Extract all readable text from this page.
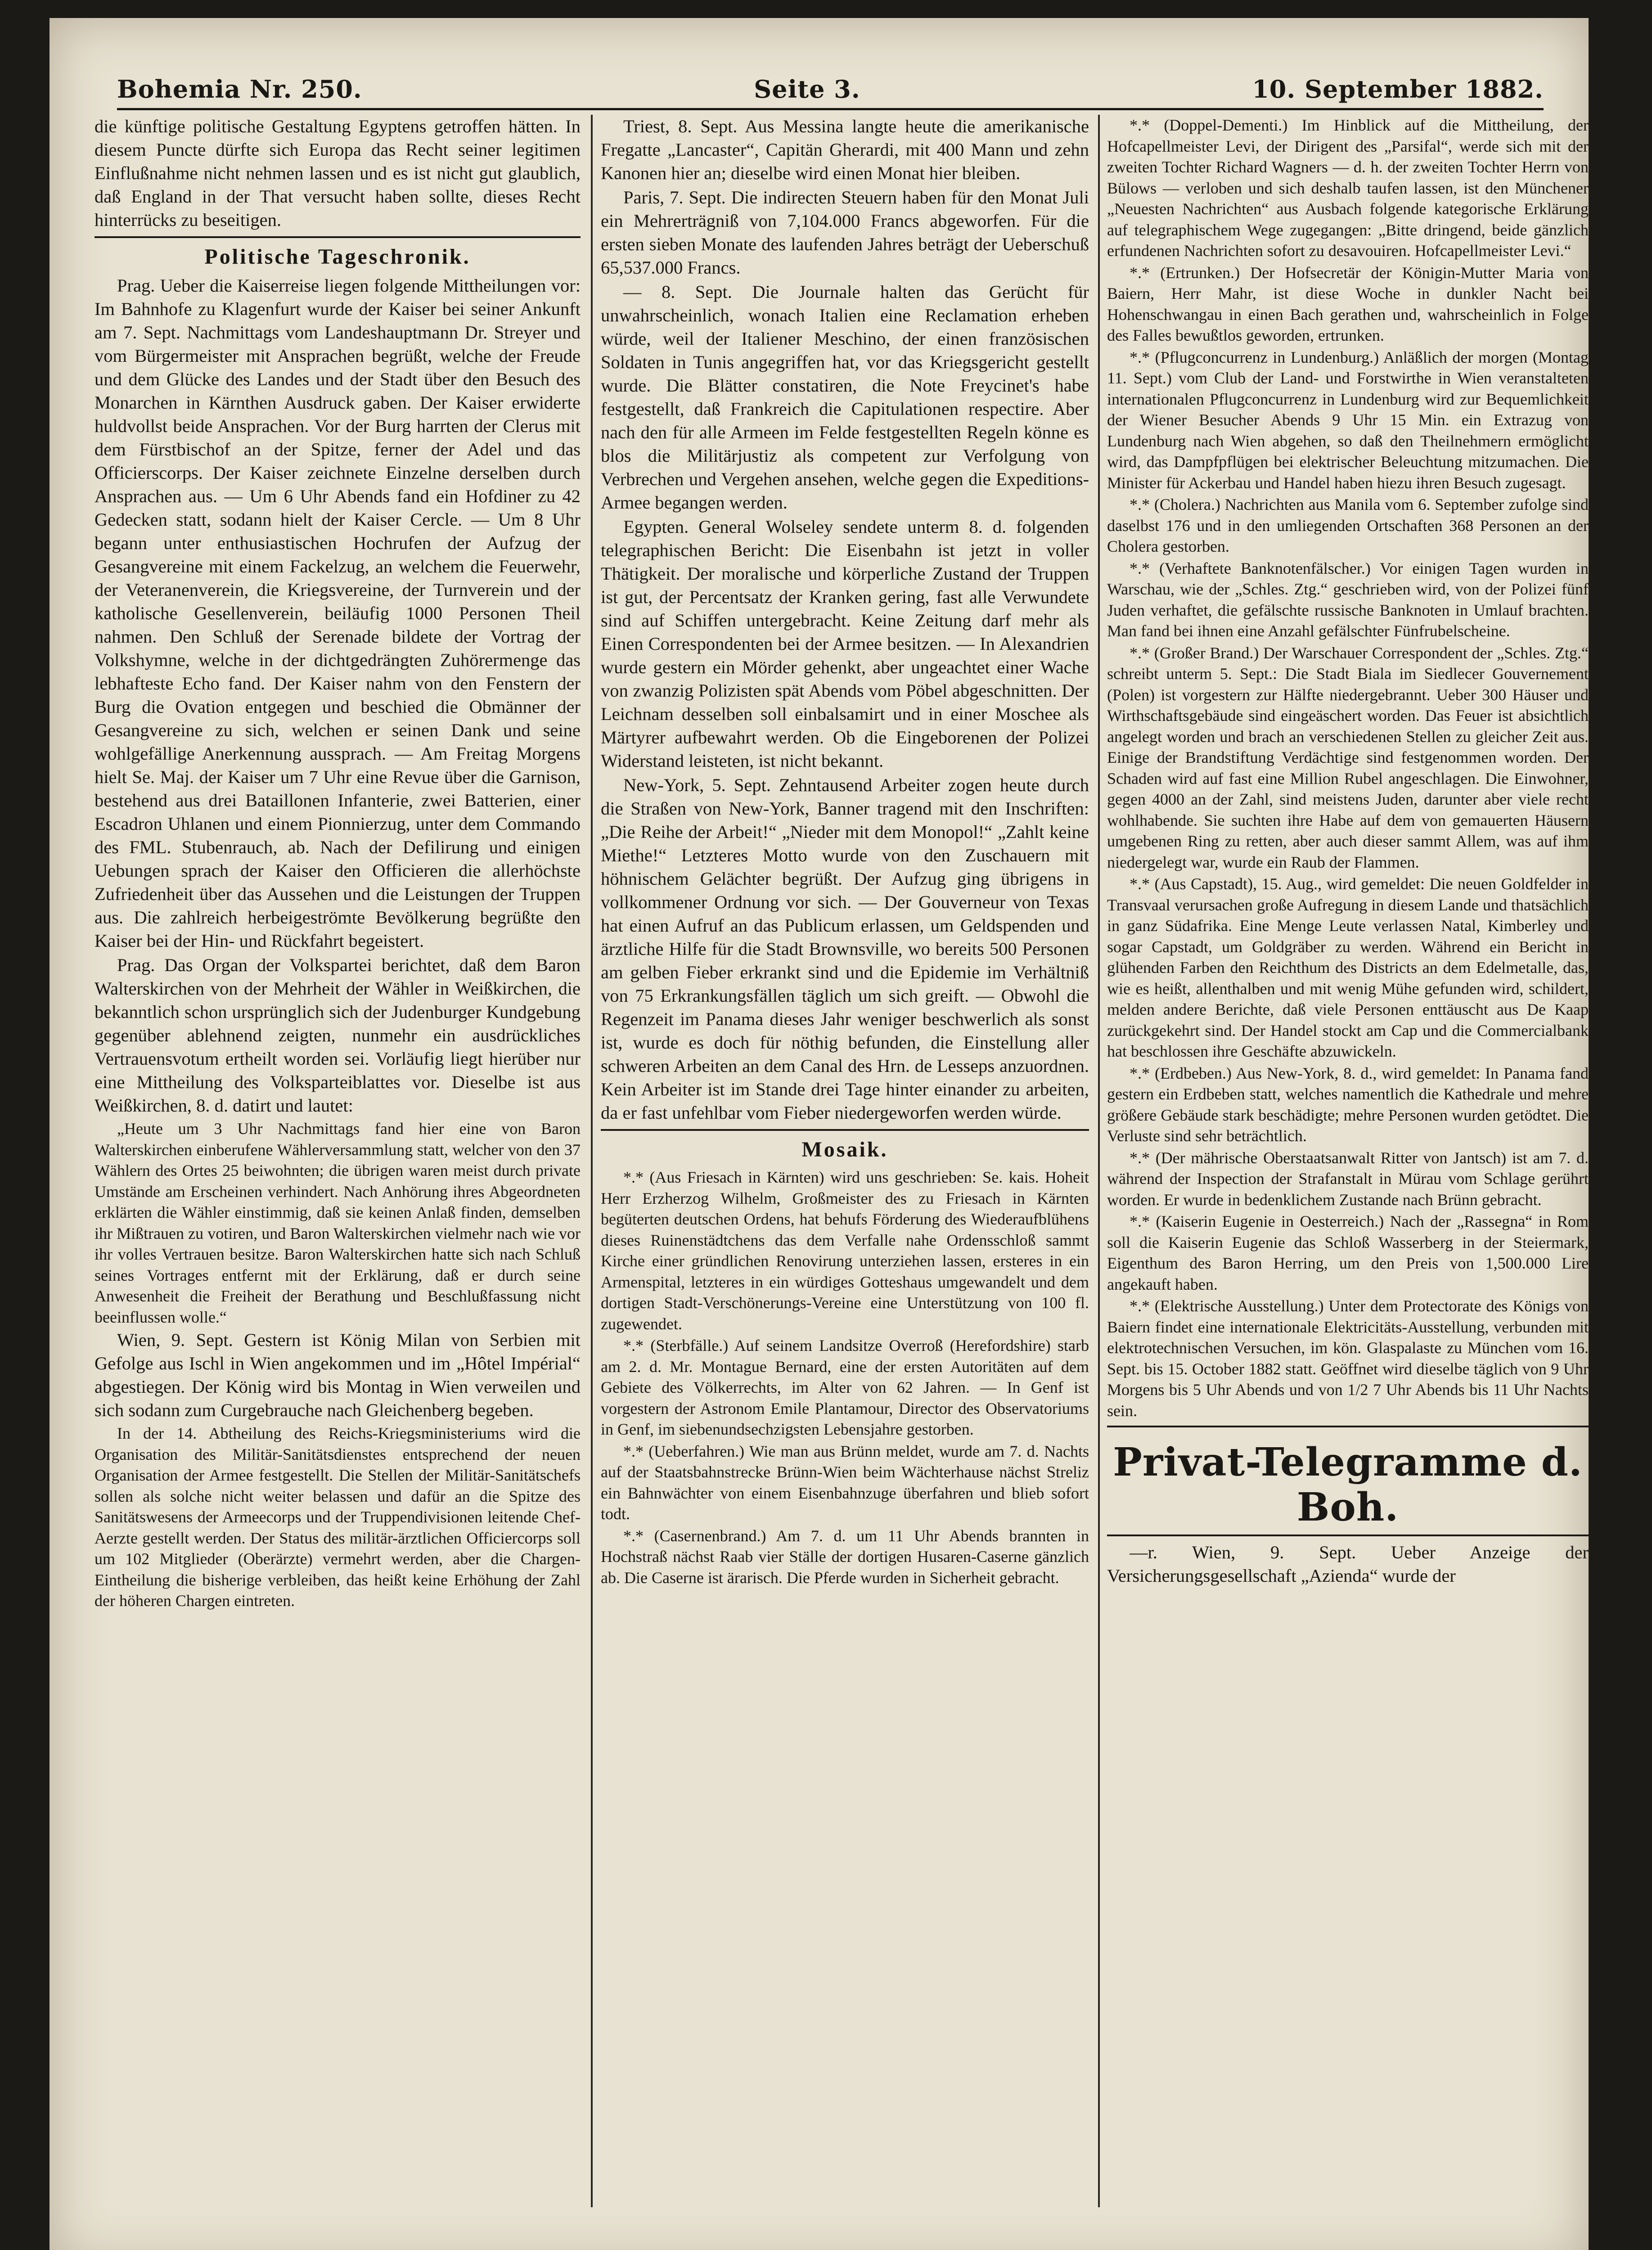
Bohemia Nr. 250.	Seite 3.	10. September 1882.

die künftige politische Gestaltung Egyptens getroffen hätten. In diesem Puncte dürfte sich Europa das Recht seiner legitimen Einflußnahme nicht nehmen lassen und es ist nicht gut glaublich, daß England in der That versucht haben sollte, dieses Recht hinterrücks zu beseitigen.

Politische Tageschronik.

Prag. Ueber die Kaiserreise liegen folgende Mittheilungen vor: Im Bahnhofe zu Klagenfurt wurde der Kaiser bei seiner Ankunft am 7. Sept. Nachmittags vom Landeshauptmann Dr. Streyer und vom Bürgermeister mit Ansprachen begrüßt, welche der Freude und dem Glücke des Landes und der Stadt über den Besuch des Monarchen in Kärnthen Ausdruck gaben. Der Kaiser erwiderte huldvollst beide Ansprachen. Vor der Burg harrten der Clerus mit dem Fürstbischof an der Spitze, ferner der Adel und das Officierscorps. Der Kaiser zeichnete Einzelne derselben durch Ansprachen aus. — Um 6 Uhr Abends fand ein Hofdiner zu 42 Gedecken statt, sodann hielt der Kaiser Cercle. — Um 8 Uhr begann unter enthusiastischen Hochrufen der Aufzug der Gesangvereine mit einem Fackelzug, an welchem die Feuerwehr, der Veteranenverein, die Kriegsvereine, der Turnverein und der katholische Gesellenverein, beiläufig 1000 Personen Theil nahmen. Den Schluß der Serenade bildete der Vortrag der Volkshymne, welche in der dichtgedrängten Zuhörermenge das lebhafteste Echo fand. Der Kaiser nahm von den Fenstern der Burg die Ovation entgegen und beschied die Obmänner der Gesangvereine zu sich, welchen er seinen Dank und seine wohlgefällige Anerkennung aussprach. — Am Freitag Morgens hielt Se. Maj. der Kaiser um 7 Uhr eine Revue über die Garnison, bestehend aus drei Bataillonen Infanterie, zwei Batterien, einer Escadron Uhlanen und einem Pionnierzug, unter dem Commando des FML. Stubenrauch, ab. Nach der Defilirung und einigen Uebungen sprach der Kaiser den Officieren die allerhöchste Zufriedenheit über das Aussehen und die Leistungen der Truppen aus. Die zahlreich herbeigeströmte Bevölkerung begrüßte den Kaiser bei der Hin- und Rückfahrt begeistert.

Prag. Das Organ der Volkspartei berichtet, daß dem Baron Walterskirchen von der Mehrheit der Wähler in Weißkirchen, die bekanntlich schon ursprünglich sich der Judenburger Kundgebung gegenüber ablehnend zeigten, nunmehr ein ausdrückliches Vertrauensvotum ertheilt worden sei. Vorläufig liegt hierüber nur eine Mittheilung des Volksparteiblattes vor. Dieselbe ist aus Weißkirchen, 8. d. datirt und lautet:

„Heute um 3 Uhr Nachmittags fand hier eine von Baron Walterskirchen einberufene Wählerversammlung statt, welcher von den 37 Wählern des Ortes 25 beiwohnten; die übrigen waren meist durch private Umstände am Erscheinen verhindert. Nach Anhörung ihres Abgeordneten erklärten die Wähler einstimmig, daß sie keinen Anlaß finden, demselben ihr Mißtrauen zu votiren, und Baron Walterskirchen vielmehr nach wie vor ihr volles Vertrauen besitze. Baron Walterskirchen hatte sich nach Schluß seines Vortrages entfernt mit der Erklärung, daß er durch seine Anwesenheit die Freiheit der Berathung und Beschlußfassung nicht beeinflussen wolle.“

Wien, 9. Sept. Gestern ist König Milan von Serbien mit Gefolge aus Ischl in Wien angekommen und im „Hôtel Impérial“ abgestiegen. Der König wird bis Montag in Wien verweilen und sich sodann zum Curgebrauche nach Gleichenberg begeben.

In der 14. Abtheilung des Reichs-Kriegsministeriums wird die Organisation des Militär-Sanitätsdienstes entsprechend der neuen Organisation der Armee festgestellt. Die Stellen der Militär-Sanitätschefs sollen als solche nicht weiter belassen und dafür an die Spitze des Sanitätswesens der Armeecorps und der Truppendivisionen leitende Chef-Aerzte gestellt werden. Der Status des militär-ärztlichen Officiercorps soll um 102 Mitglieder (Oberärzte) vermehrt werden, aber die Chargen-Eintheilung die bisherige verbleiben, das heißt keine Erhöhung der Zahl der höheren Chargen eintreten.

Triest, 8. Sept. Aus Messina langte heute die amerikanische Fregatte „Lancaster“, Capitän Gherardi, mit 400 Mann und zehn Kanonen hier an; dieselbe wird einen Monat hier bleiben.

Paris, 7. Sept. Die indirecten Steuern haben für den Monat Juli ein Mehrerträgniß von 7,104.000 Francs abgeworfen. Für die ersten sieben Monate des laufenden Jahres beträgt der Ueberschuß 65,537.000 Francs.

— 8. Sept. Die Journale halten das Gerücht für unwahrscheinlich, wonach Italien eine Reclamation erheben würde, weil der Italiener Meschino, der einen französischen Soldaten in Tunis angegriffen hat, vor das Kriegsgericht gestellt wurde. Die Blätter constatiren, die Note Freycinet's habe festgestellt, daß Frankreich die Capitulationen respectire. Aber nach den für alle Armeen im Felde festgestellten Regeln könne es blos die Militärjustiz als competent zur Verfolgung von Verbrechen und Vergehen ansehen, welche gegen die Expeditions-Armee begangen werden.

Egypten. General Wolseley sendete unterm 8. d. folgenden telegraphischen Bericht: Die Eisenbahn ist jetzt in voller Thätigkeit. Der moralische und körperliche Zustand der Truppen ist gut, der Percentsatz der Kranken gering, fast alle Verwundete sind auf Schiffen untergebracht. Keine Zeitung darf mehr als Einen Correspondenten bei der Armee besitzen. — In Alexandrien wurde gestern ein Mörder gehenkt, aber ungeachtet einer Wache von zwanzig Polizisten spät Abends vom Pöbel abgeschnitten. Der Leichnam desselben soll einbalsamirt und in einer Moschee als Märtyrer aufbewahrt werden. Ob die Eingeborenen der Polizei Widerstand leisteten, ist nicht bekannt.

New-York, 5. Sept. Zehntausend Arbeiter zogen heute durch die Straßen von New-York, Banner tragend mit den Inschriften: „Die Reihe der Arbeit!“ „Nieder mit dem Monopol!“ „Zahlt keine Miethe!“ Letzteres Motto wurde von den Zuschauern mit höhnischem Gelächter begrüßt. Der Aufzug ging übrigens in vollkommener Ordnung vor sich. — Der Gouverneur von Texas hat einen Aufruf an das Publicum erlassen, um Geldspenden und ärztliche Hilfe für die Stadt Brownsville, wo bereits 500 Personen am gelben Fieber erkrankt sind und die Epidemie im Verhältniß von 75 Erkrankungsfällen täglich um sich greift. — Obwohl die Regenzeit im Panama dieses Jahr weniger beschwerlich als sonst ist, wurde es doch für nöthig befunden, die Einstellung aller schweren Arbeiten an dem Canal des Hrn. de Lesseps anzuordnen. Kein Arbeiter ist im Stande drei Tage hinter einander zu arbeiten, da er fast unfehlbar vom Fieber niedergeworfen werden würde.

Mosaik.

*.* (Aus Friesach in Kärnten) wird uns geschrieben: Se. kais. Hoheit Herr Erzherzog Wilhelm, Großmeister des zu Friesach in Kärnten begüterten deutschen Ordens, hat behufs Förderung des Wiederaufblühens dieses Ruinenstädtchens das dem Verfalle nahe Ordensschloß sammt Kirche einer gründlichen Renovirung unterziehen lassen, ersteres in ein Armenspital, letzteres in ein würdiges Gotteshaus umgewandelt und dem dortigen Stadt-Verschönerungs-Vereine eine Unterstützung von 100 fl. zugewendet.

*.* (Sterbfälle.) Auf seinem Landsitze Overroß (Herefordshire) starb am 2. d. Mr. Montague Bernard, eine der ersten Autoritäten auf dem Gebiete des Völkerrechts, im Alter von 62 Jahren. — In Genf ist vorgestern der Astronom Emile Plantamour, Director des Observatoriums in Genf, im siebenundsechzigsten Lebensjahre gestorben.

*.* (Ueberfahren.) Wie man aus Brünn meldet, wurde am 7. d. Nachts auf der Staatsbahnstrecke Brünn-Wien beim Wächterhause nächst Streliz ein Bahnwächter von einem Eisenbahnzuge überfahren und blieb sofort todt.

*.* (Casernenbrand.) Am 7. d. um 11 Uhr Abends brannten in Hochstraß nächst Raab vier Ställe der dortigen Husaren-Caserne gänzlich ab. Die Caserne ist ärarisch. Die Pferde wurden in Sicherheit gebracht.

*.* (Doppel-Dementi.) Im Hinblick auf die Mittheilung, der Hofcapellmeister Levi, der Dirigent des „Parsifal“, werde sich mit der zweiten Tochter Richard Wagners — d. h. der zweiten Tochter Herrn von Bülows — verloben und sich deshalb taufen lassen, ist den Münchener „Neuesten Nachrichten“ aus Ausbach folgende kategorische Erklärung auf telegraphischem Wege zugegangen: „Bitte dringend, beide gänzlich erfundenen Nachrichten sofort zu desavouiren. Hofcapellmeister Levi.“

*.* (Ertrunken.) Der Hofsecretär der Königin-Mutter Maria von Baiern, Herr Mahr, ist diese Woche in dunkler Nacht bei Hohenschwangau in einen Bach gerathen und, wahrscheinlich in Folge des Falles bewußtlos geworden, ertrunken.

*.* (Pflugconcurrenz in Lundenburg.) Anläßlich der morgen (Montag 11. Sept.) vom Club der Land- und Forstwirthe in Wien veranstalteten internationalen Pflugconcurrenz in Lundenburg wird zur Bequemlichkeit der Wiener Besucher Abends 9 Uhr 15 Min. ein Extrazug von Lundenburg nach Wien abgehen, so daß den Theilnehmern ermöglicht wird, das Dampfpflügen bei elektrischer Beleuchtung mitzumachen. Die Minister für Ackerbau und Handel haben hiezu ihren Besuch zugesagt.

*.* (Cholera.) Nachrichten aus Manila vom 6. September zufolge sind daselbst 176 und in den umliegenden Ortschaften 368 Personen an der Cholera gestorben.

*.* (Verhaftete Banknotenfälscher.) Vor einigen Tagen wurden in Warschau, wie der „Schles. Ztg.“ geschrieben wird, von der Polizei fünf Juden verhaftet, die gefälschte russische Banknoten in Umlauf brachten. Man fand bei ihnen eine Anzahl gefälschter Fünfrubelscheine.

*.* (Großer Brand.) Der Warschauer Correspondent der „Schles. Ztg.“ schreibt unterm 5. Sept.: Die Stadt Biala im Siedlecer Gouvernement (Polen) ist vorgestern zur Hälfte niedergebrannt. Ueber 300 Häuser und Wirthschaftsgebäude sind eingeäschert worden. Das Feuer ist absichtlich angelegt worden und brach an verschiedenen Stellen zu gleicher Zeit aus. Einige der Brandstiftung Verdächtige sind festgenommen worden. Der Schaden wird auf fast eine Million Rubel angeschlagen. Die Einwohner, gegen 4000 an der Zahl, sind meistens Juden, darunter aber viele recht wohlhabende. Sie suchten ihre Habe auf dem von gemauerten Häusern umgebenen Ring zu retten, aber auch dieser sammt Allem, was auf ihm niedergelegt war, wurde ein Raub der Flammen.

*.* (Aus Capstadt), 15. Aug., wird gemeldet: Die neuen Goldfelder in Transvaal verursachen große Aufregung in diesem Lande und thatsächlich in ganz Südafrika. Eine Menge Leute verlassen Natal, Kimberley und sogar Capstadt, um Goldgräber zu werden. Während ein Bericht in glühenden Farben den Reichthum des Districts an dem Edelmetalle, das, wie es heißt, allenthalben und mit wenig Mühe gefunden wird, schildert, melden andere Berichte, daß viele Personen enttäuscht aus De Kaap zurückgekehrt sind. Der Handel stockt am Cap und die Commercialbank hat beschlossen ihre Geschäfte abzuwickeln.

*.* (Erdbeben.) Aus New-York, 8. d., wird gemeldet: In Panama fand gestern ein Erdbeben statt, welches namentlich die Kathedrale und mehre größere Gebäude stark beschädigte; mehre Personen wurden getödtet. Die Verluste sind sehr beträchtlich.

*.* (Der mährische Oberstaatsanwalt Ritter von Jantsch) ist am 7. d. während der Inspection der Strafanstalt in Mürau vom Schlage gerührt worden. Er wurde in bedenklichem Zustande nach Brünn gebracht.

*.* (Kaiserin Eugenie in Oesterreich.) Nach der „Rassegna“ in Rom soll die Kaiserin Eugenie das Schloß Wasserberg in der Steiermark, Eigenthum des Baron Herring, um den Preis von 1,500.000 Lire angekauft haben.

*.* (Elektrische Ausstellung.) Unter dem Protectorate des Königs von Baiern findet eine internationale Elektricitäts-Ausstellung, verbunden mit elektrotechnischen Versuchen, im kön. Glaspalaste zu München vom 16. Sept. bis 15. October 1882 statt. Geöffnet wird dieselbe täglich von 9 Uhr Morgens bis 5 Uhr Abends und von 1/2 7 Uhr Abends bis 11 Uhr Nachts sein.

Privat-Telegramme d. Boh.

—r. Wien, 9. Sept. Ueber Anzeige der Versicherungsgesellschaft „Azienda“ wurde der
